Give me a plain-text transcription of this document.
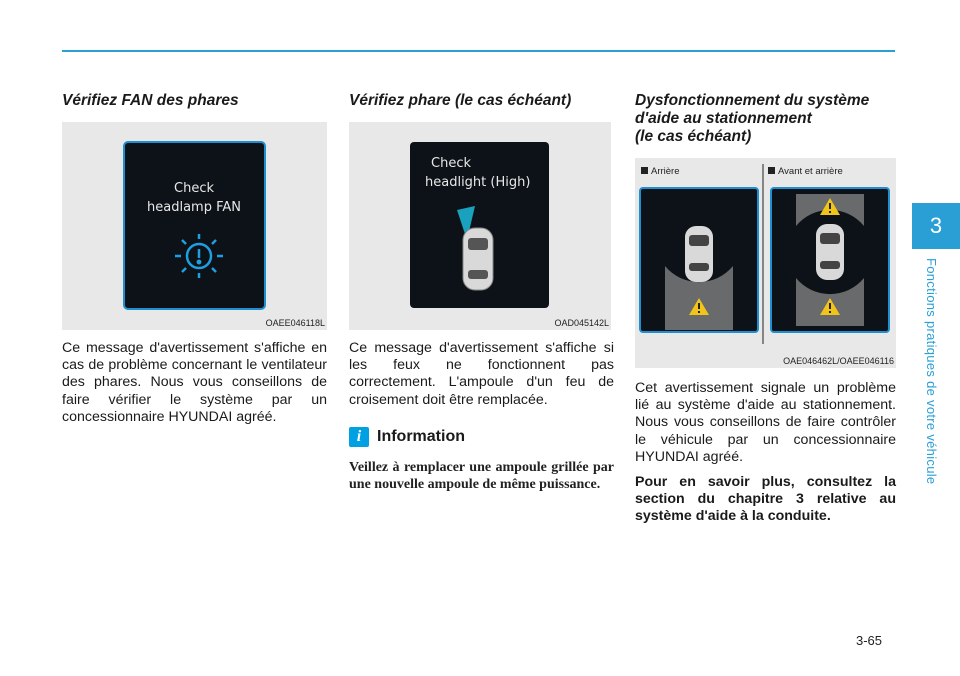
Vérifiez FAN des phares
Check
headlamp FAN
OAEE046118L
Ce message d'avertissement s'affiche en cas de problème concernant le ventilateur des phares. Nous vous conseillons de faire vérifier le système par un concessionnaire HYUNDAI agréé.
Vérifiez phare (le cas échéant)
Check
headlight (High)
OAD045142L
Ce message d'avertissement s'affiche si les feux ne fonctionnent pas correctement. L'ampoule d'un feu de croisement doit être remplacée.
i Information
Veillez à remplacer une ampoule grillée par une nouvelle ampoule de même puissance.
Dysfonctionnement du système
d'aide au stationnement
(le cas échéant)
Arrière	Avant et arrière
OAE046462L/OAEE046116
Cet avertissement signale un problème lié au système d'aide au stationnement. Nous vous conseillons de faire contrôler le véhicule par un concessionnaire HYUNDAI agréé.
Pour en savoir plus, consultez la section du chapitre 3 relative au système d'aide à la conduite.
3
Fonctions pratiques de votre véhicule
3-65
